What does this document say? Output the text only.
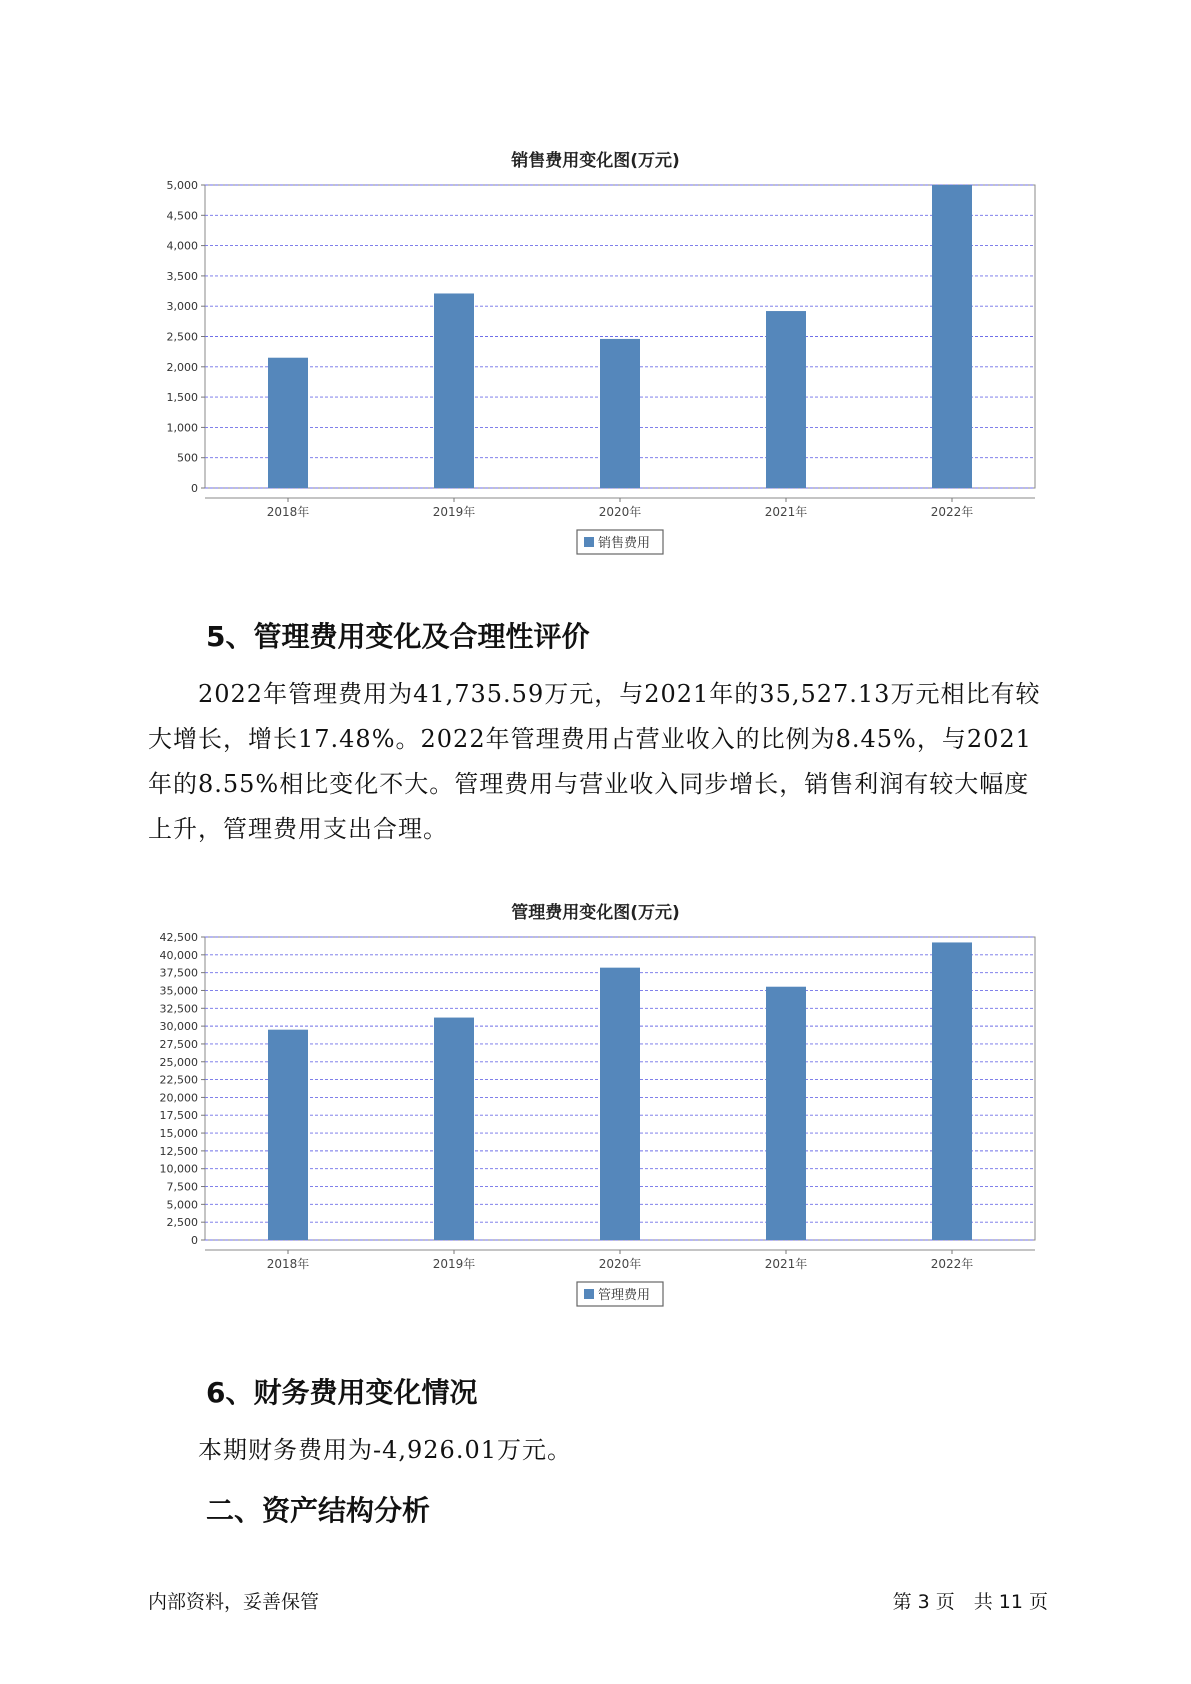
销售费用变化图(万元)
0
500
1,000
1,500
2,000
2,500
3,000
3,500
4,000
4,500
5,000
2018年	2019年	2020年	2021年	2022年
销售费用
5、管理费用变化及合理性评价

2022年管理费用为41,735.59万元，与2021年的35,527.13万元相比有较大增长，增长17.48%。2022年管理费用占营业收入的比例为8.45%，与2021年的8.55%相比变化不大。管理费用与营业收入同步增长，销售利润有较大幅度上升，管理费用支出合理。

管理费用变化图(万元)
0
2,500
5,000
7,500
10,000
12,500
15,000
17,500
20,000
22,500
25,000
27,500
30,000
32,500
35,000
37,500
40,000
42,500
2018年	2019年	2020年	2021年	2022年
管理费用
6、财务费用变化情况

本期财务费用为-4,926.01万元。

二、资产结构分析
内部资料，妥善保管	第 3 页　共 11 页
